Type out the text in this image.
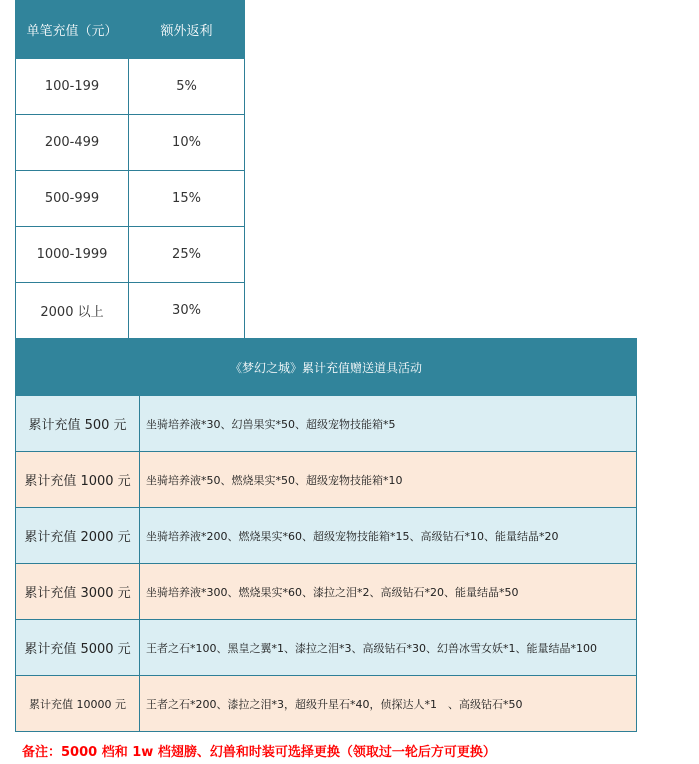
单笔充值（元）	额外返利
100-199	5%
200-499	10%
500-999	15%
1000-1999	25%
2000 以上	30%
《梦幻之城》累计充值赠送道具活动	
累计充值 500 元	坐骑培养液*30、幻兽果实*50、超级宠物技能箱*5
累计充值 1000 元	坐骑培养液*50、燃烧果实*50、超级宠物技能箱*10
累计充值 2000 元	坐骑培养液*200、燃烧果实*60、超级宠物技能箱*15、高级钻石*10、能量结晶*20
累计充值 3000 元	坐骑培养液*300、燃烧果实*60、漆拉之泪*2、高级钻石*20、能量结晶*50
累计充值 5000 元	王者之石*100、黑皇之翼*1、漆拉之泪*3、高级钻石*30、幻兽冰雪女妖*1、能量结晶*100
累计充值 10000 元	王者之石*200、漆拉之泪*3，超级升星石*40，侦探达人*1　、高级钻石*50
备注：5000 档和 1w 档翅膀、幻兽和时装可选择更换（领取过一轮后方可更换）
